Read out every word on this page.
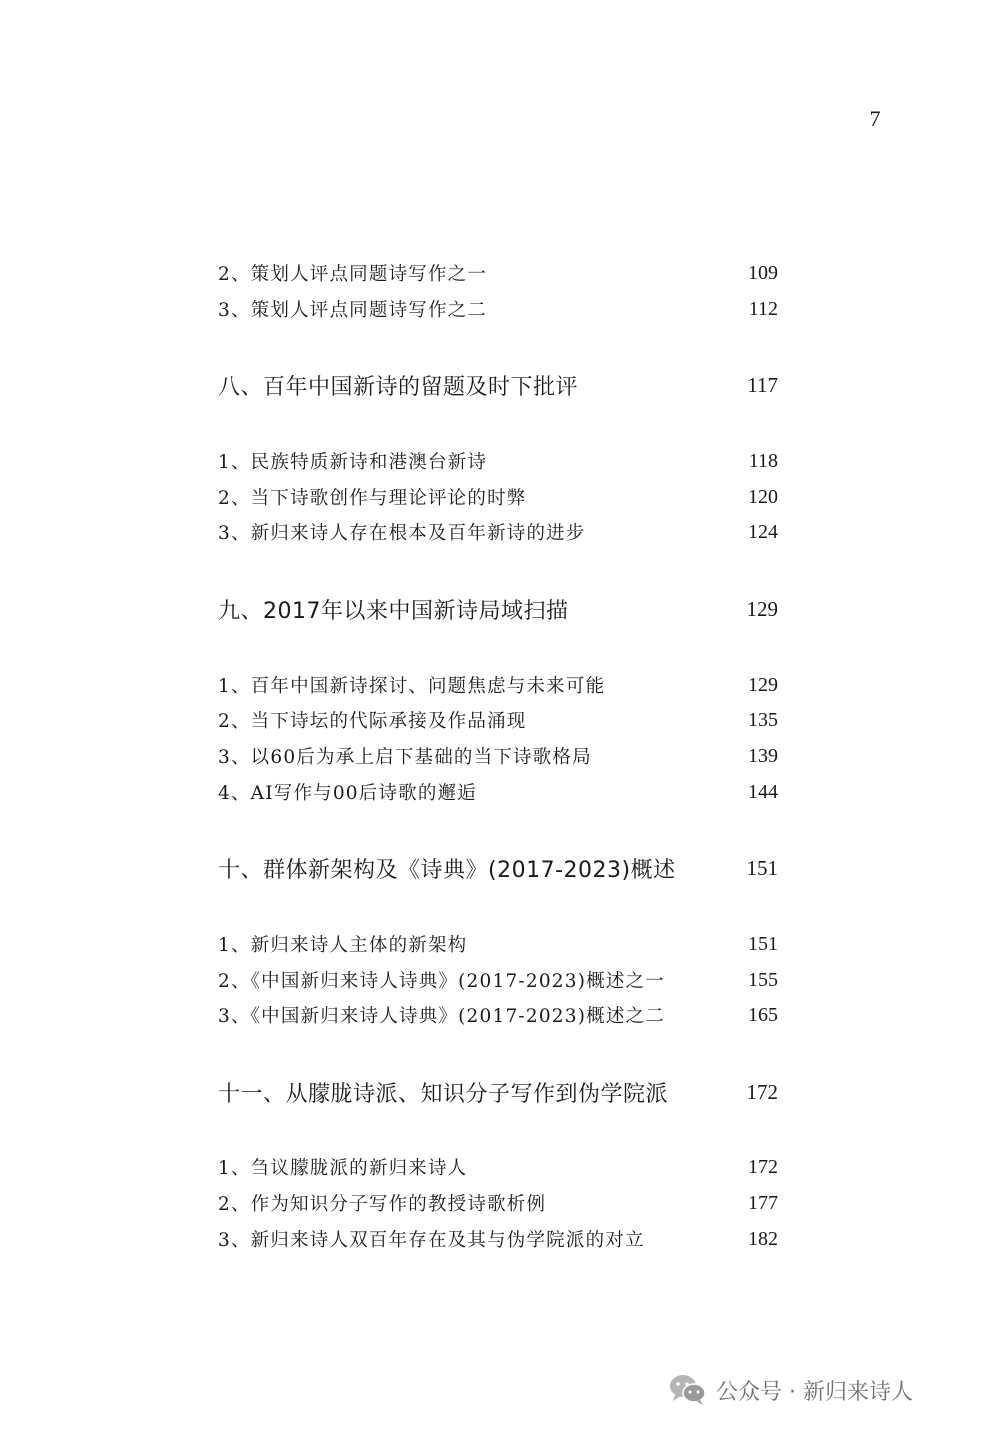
7
2、策划人评点同题诗写作之一	109
3、策划人评点同题诗写作之二	112
八、百年中国新诗的留题及时下批评	117
1、民族特质新诗和港澳台新诗	118
2、当下诗歌创作与理论评论的时弊	120
3、新归来诗人存在根本及百年新诗的进步	124
九、2017年以来中国新诗局域扫描	129
1、百年中国新诗探讨、问题焦虑与未来可能	129
2、当下诗坛的代际承接及作品涌现	135
3、以60后为承上启下基础的当下诗歌格局	139
4、AI写作与00后诗歌的邂逅	144
十、群体新架构及《诗典》(2017-2023)概述	151
1、新归来诗人主体的新架构	151
2、《中国新归来诗人诗典》(2017-2023)概述之一	155
3、《中国新归来诗人诗典》(2017-2023)概述之二	165
十一、从朦胧诗派、知识分子写作到伪学院派	172
1、刍议朦胧派的新归来诗人	172
2、作为知识分子写作的教授诗歌析例	177
3、新归来诗人双百年存在及其与伪学院派的对立	182
公众号 · 新归来诗人
